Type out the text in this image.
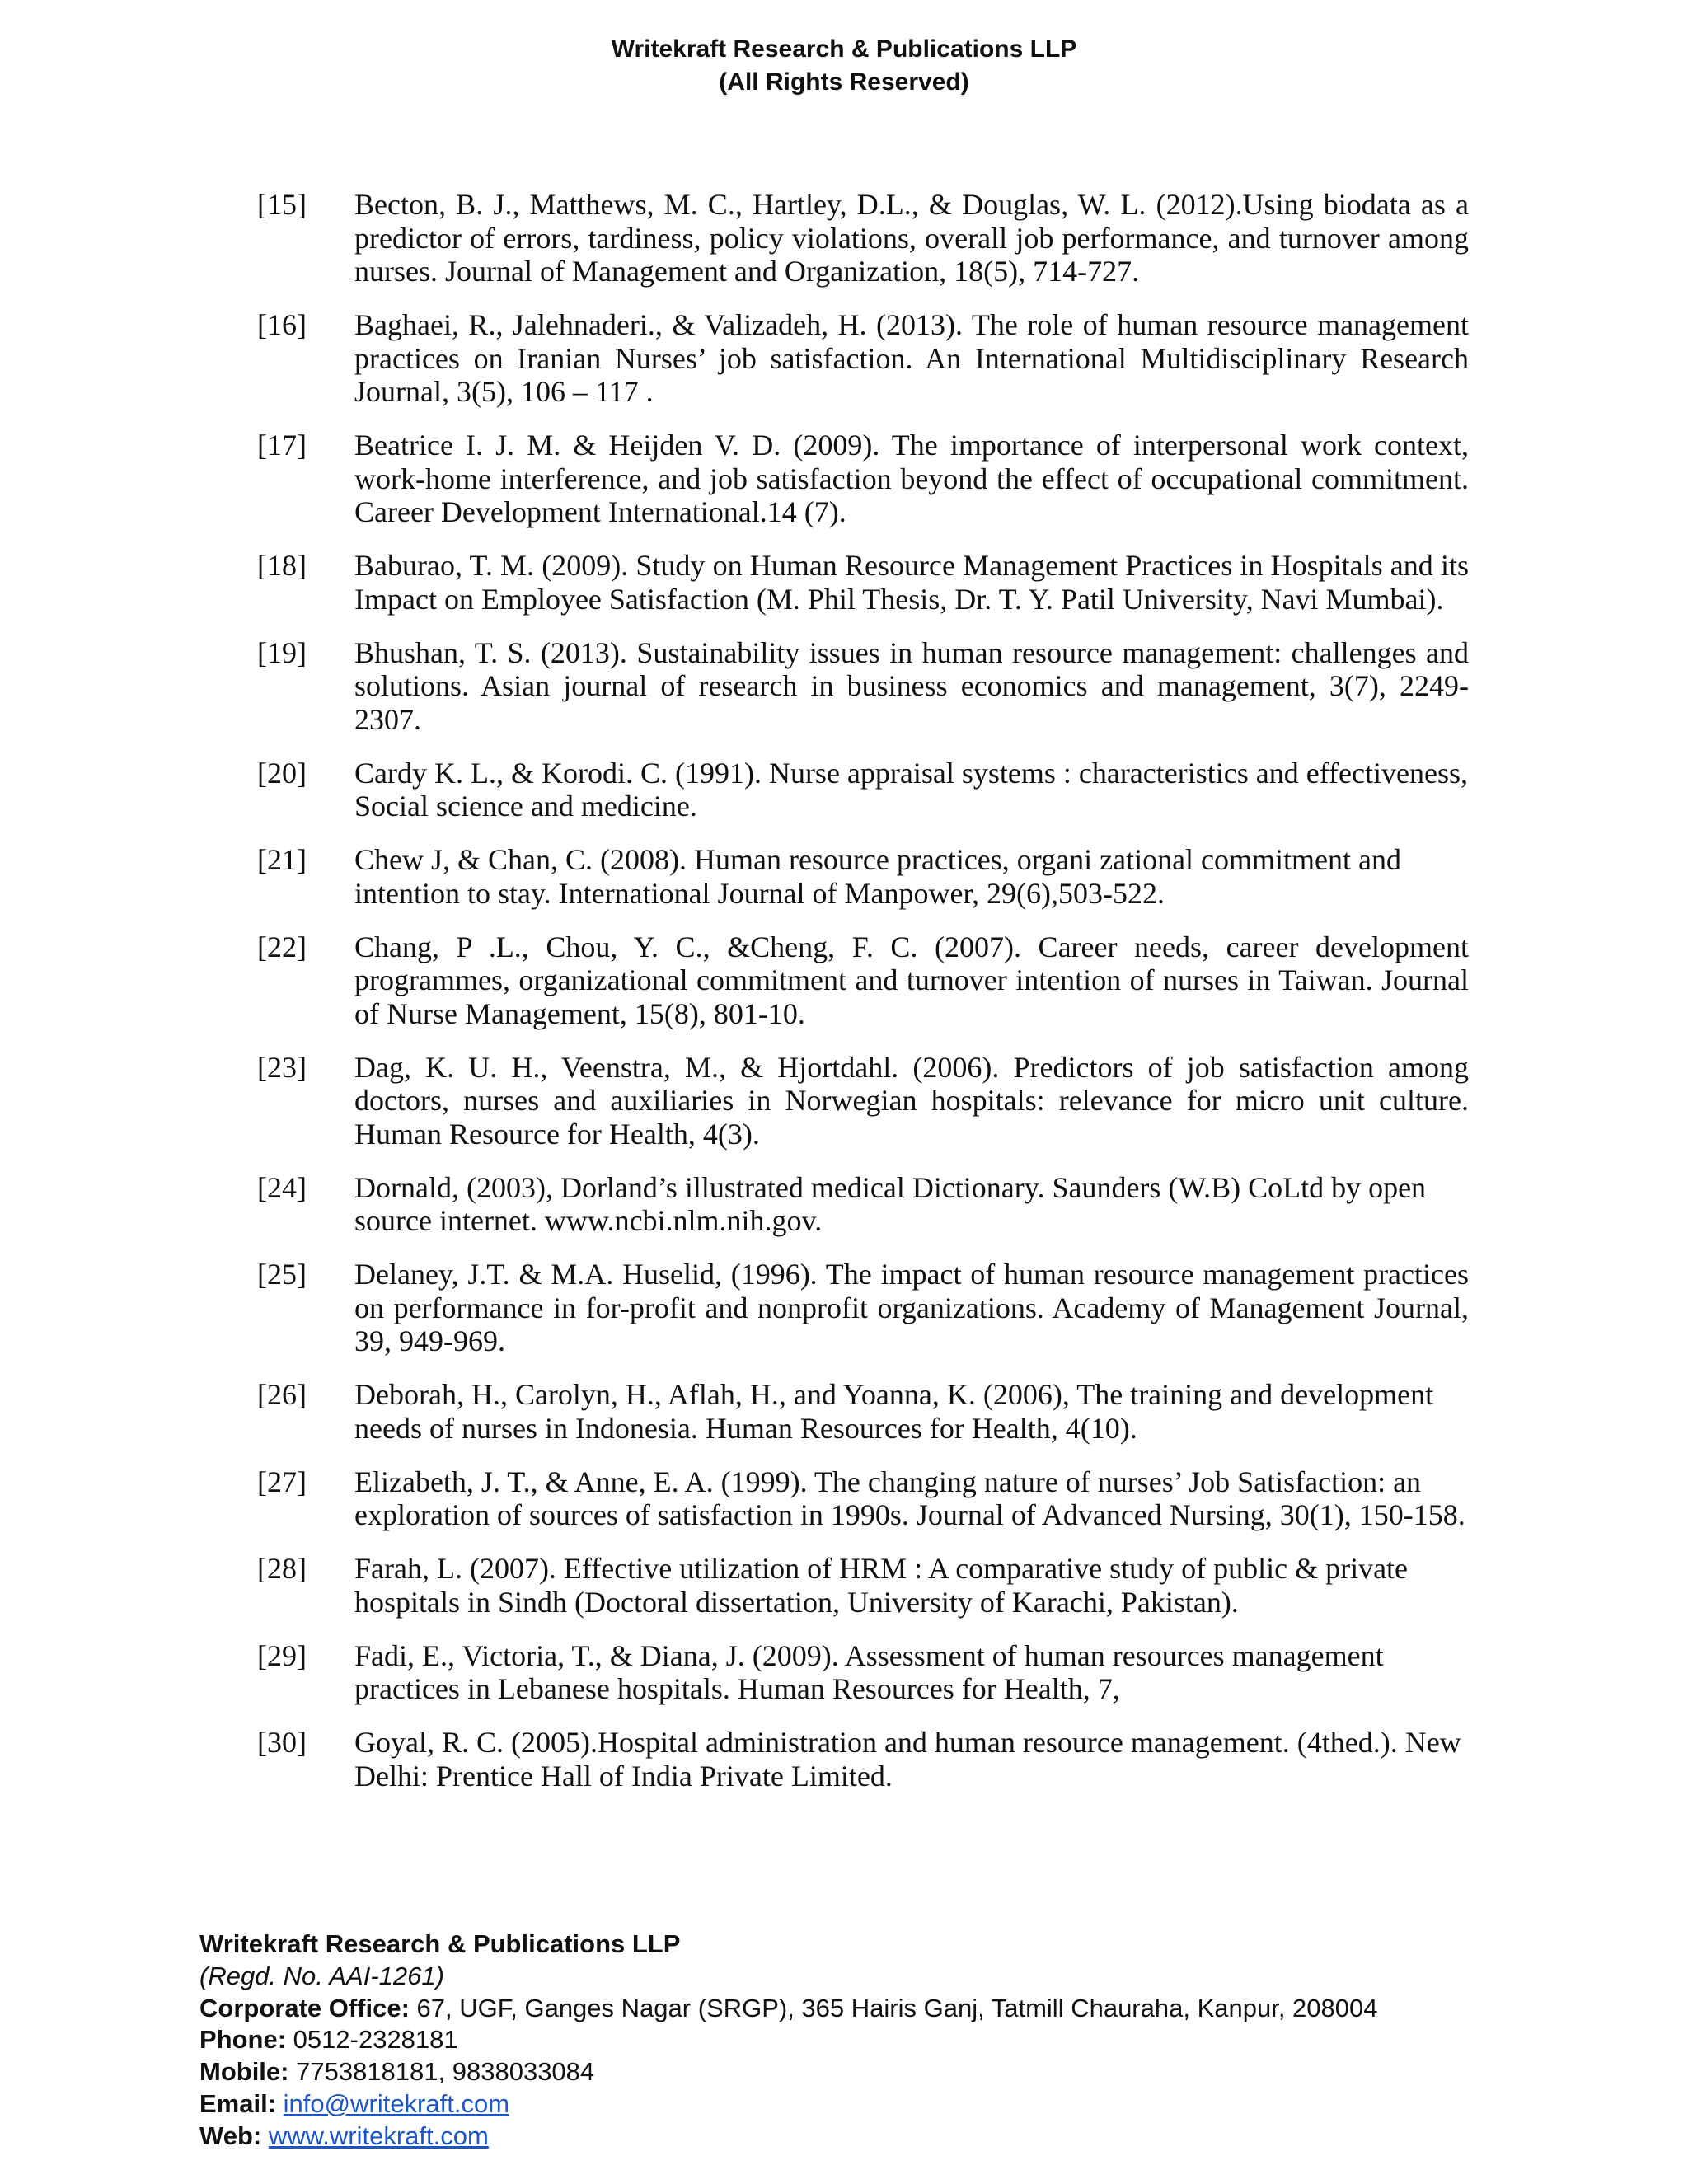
Writekraft Research & Publications LLP
(All Rights Reserved)
[15]	Becton, B. J., Matthews, M. C., Hartley, D.L., & Douglas, W. L. (2012).Using biodata as a predictor of errors, tardiness, policy violations, overall job performance, and turnover among nurses. Journal of Management and Organization, 18(5), 714-727.
[16]	Baghaei, R., Jalehnaderi., & Valizadeh, H. (2013). The role of human resource management practices on Iranian Nurses’ job satisfaction. An International Multidisciplinary Research Journal, 3(5), 106 – 117 .
[17]	Beatrice I. J. M. & Heijden V. D. (2009). The importance of interpersonal work context, work-home interference, and job satisfaction beyond the effect of occupational commitment. Career Development International.14 (7).
[18]	Baburao, T. M. (2009). Study on Human Resource Management Practices in Hospitals and its Impact on Employee Satisfaction (M. Phil Thesis, Dr. T. Y. Patil University, Navi Mumbai).
[19]	Bhushan, T. S. (2013). Sustainability issues in human resource management: challenges and solutions. Asian journal of research in business economics and management, 3(7), 2249-2307.
[20]	Cardy K. L., & Korodi. C. (1991). Nurse appraisal systems : characteristics and effectiveness, Social science and medicine.
[21]	Chew J, & Chan, C. (2008). Human resource practices, organi zational commitment and intention to stay. International Journal of Manpower, 29(6),503-522.
[22]	Chang, P .L., Chou, Y. C., &Cheng, F. C. (2007). Career needs, career development programmes, organizational commitment and turnover intention of nurses in Taiwan. Journal of Nurse Management, 15(8), 801-10.
[23]	Dag, K. U. H., Veenstra, M., & Hjortdahl. (2006). Predictors of job satisfaction among doctors, nurses and auxiliaries in Norwegian hospitals: relevance for micro unit culture. Human Resource for Health, 4(3).
[24]	Dornald, (2003), Dorland’s illustrated medical Dictionary. Saunders (W.B) CoLtd by open source internet. www.ncbi.nlm.nih.gov.
[25]	Delaney, J.T. & M.A. Huselid, (1996). The impact of human resource management practices on performance in for-profit and nonprofit organizations. Academy of Management Journal, 39, 949-969.
[26]	Deborah, H., Carolyn, H., Aflah, H., and Yoanna, K. (2006), The training and development needs of nurses in Indonesia. Human Resources for Health, 4(10).
[27]	Elizabeth, J. T., & Anne, E. A. (1999). The changing nature of nurses’ Job Satisfaction: an exploration of sources of satisfaction in 1990s. Journal of Advanced Nursing, 30(1), 150-158.
[28]	Farah, L. (2007). Effective utilization of HRM : A comparative study of public & private hospitals in Sindh (Doctoral dissertation, University of Karachi, Pakistan).
[29]	Fadi, E., Victoria, T., & Diana, J. (2009). Assessment of human resources management practices in Lebanese hospitals. Human Resources for Health, 7,
[30]	Goyal, R. C. (2005).Hospital administration and human resource management. (4thed.). New Delhi: Prentice Hall of India Private Limited.
Writekraft Research & Publications LLP
(Regd. No. AAI-1261)
Corporate Office: 67, UGF, Ganges Nagar (SRGP), 365 Hairis Ganj, Tatmill Chauraha, Kanpur, 208004
Phone: 0512-2328181
Mobile: 7753818181, 9838033084
Email: info@writekraft.com
Web: www.writekraft.com
